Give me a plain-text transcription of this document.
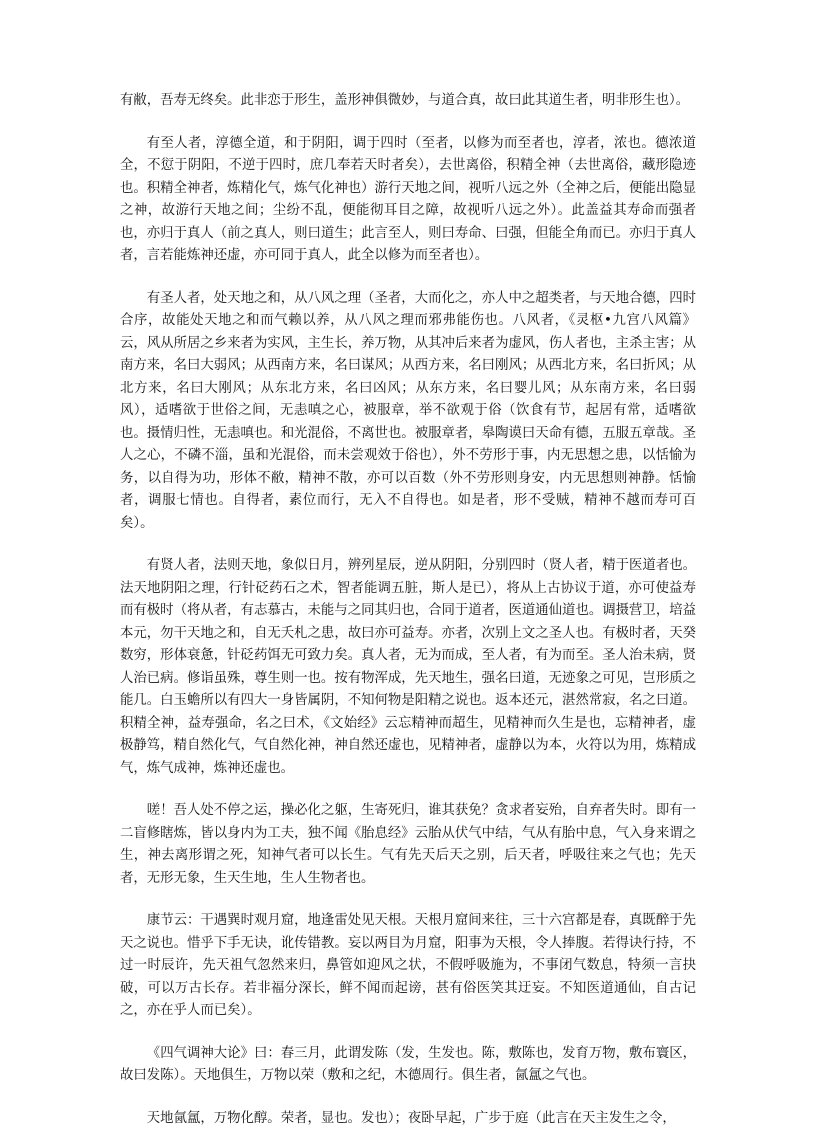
有敝，吾寿无终矣。此非恋于形生，盖形神俱微妙，与道合真，故曰此其道生者，明非形生也）。

有至人者，淳德全道，和于阴阳，调于四时（至者，以修为而至者也，淳者，浓也。德浓道全，不愆于阴阳，不逆于四时，庶几奉若天时者矣），去世离俗，积精全神（去世离俗，藏形隐迹也。积精全神者，炼精化气，炼气化神也）游行天地之间，视听八远之外（全神之后，便能出隐显之神，故游行天地之间；尘纷不乱，便能彻耳目之障，故视听八远之外）。此盖益其寿命而强者也，亦归于真人（前之真人，则曰道生；此言至人，则曰寿命、曰强，但能全角而已。亦归于真人者，言若能炼神还虚，亦可同于真人，此全以修为而至者也）。

有圣人者，处天地之和，从八风之理（圣者，大而化之，亦人中之超类者，与天地合德，四时合序，故能处天地之和而气赖以养，从八风之理而邪弗能伤也。八风者，《灵枢•九宫八风篇》云，风从所居之乡来者为实风，主生长，养万物，从其冲后来者为虚风，伤人者也，主杀主害；从南方来，名曰大弱风；从西南方来，名曰谋风；从西方来，名曰刚风；从西北方来，名曰折风；从北方来，名曰大刚风；从东北方来，名曰凶风；从东方来，名曰婴儿风；从东南方来，名曰弱风），适嗜欲于世俗之间，无恚嗔之心，被服章，举不欲观于俗（饮食有节，起居有常，适嗜欲也。摄情归性，无恚嗔也。和光混俗，不离世也。被服章者，皋陶谟曰天命有德，五服五章哉。圣人之心，不磷不淄，虽和光混俗，而未尝观效于俗也），外不劳形于事，内无思想之患，以恬愉为务，以自得为功，形体不敝，精神不散，亦可以百数（外不劳形则身安，内无思想则神静。恬愉者，调服七情也。自得者，素位而行，无入不自得也。如是者，形不受贼，精神不越而寿可百矣）。

有贤人者，法则天地，象似日月，辨列星辰，逆从阴阳，分别四时（贤人者，精于医道者也。法天地阴阳之理，行针砭药石之术，智者能调五脏，斯人是已），将从上古协议于道，亦可使益寿而有极时（将从者，有志慕古，未能与之同其归也，合同于道者，医道通仙道也。调摄营卫，培益本元，勿干天地之和，自无夭札之患，故曰亦可益寿。亦者，次别上文之圣人也。有极时者，天癸数穷，形体衰惫，针砭药饵无可致力矣。真人者，无为而成，至人者，有为而至。圣人治未病，贤人治已病。修诣虽殊，尊生则一也。按有物浑成，先天地生，强名曰道，无迹象之可见，岂形质之能几。白玉蟾所以有四大一身皆属阴，不知何物是阳精之说也。返本还元，湛然常寂，名之曰道。积精全神，益寿强命，名之曰术，《文始经》云忘精神而超生，见精神而久生是也，忘精神者，虚极静笃，精自然化气，气自然化神，神自然还虚也，见精神者，虚静以为本，火符以为用，炼精成气，炼气成神，炼神还虚也。

嗟！吾人处不停之运，操必化之躯，生寄死归，谁其获免？贪求者妄殆，自弃者失时。即有一二盲修瞎炼，皆以身内为工夫，独不闻《胎息经》云胎从伏气中结，气从有胎中息，气入身来谓之生，神去离形谓之死，知神气者可以长生。气有先天后天之别，后天者，呼吸往来之气也；先天者，无形无象，生天生地，生人生物者也。

康节云：干遇巽时观月窟，地逢雷处见天根。天根月窟间来往，三十六宫都是春，真既醉于先天之说也。惜乎下手无诀，讹传错教。妄以两目为月窟，阳事为天根，令人捧腹。若得诀行持，不过一时辰许，先天祖气忽然来归，鼻管如迎风之状，不假呼吸施为，不事闭气数息，特须一言抉破，可以万古长存。若非福分深长，鲜不闻而起谤，甚有俗医笑其迂妄。不知医道通仙，自古记之，亦在乎人而已矣）。

《四气调神大论》曰：春三月，此谓发陈（发，生发也。陈，敷陈也，发育万物，敷布寰区，故曰发陈）。天地俱生，万物以荣（敷和之纪，木德周行。俱生者，氤氲之气也。

天地氤氲，万物化醇。荣者，显也。发也）；夜卧早起，广步于庭（此言在天主发生之令，
